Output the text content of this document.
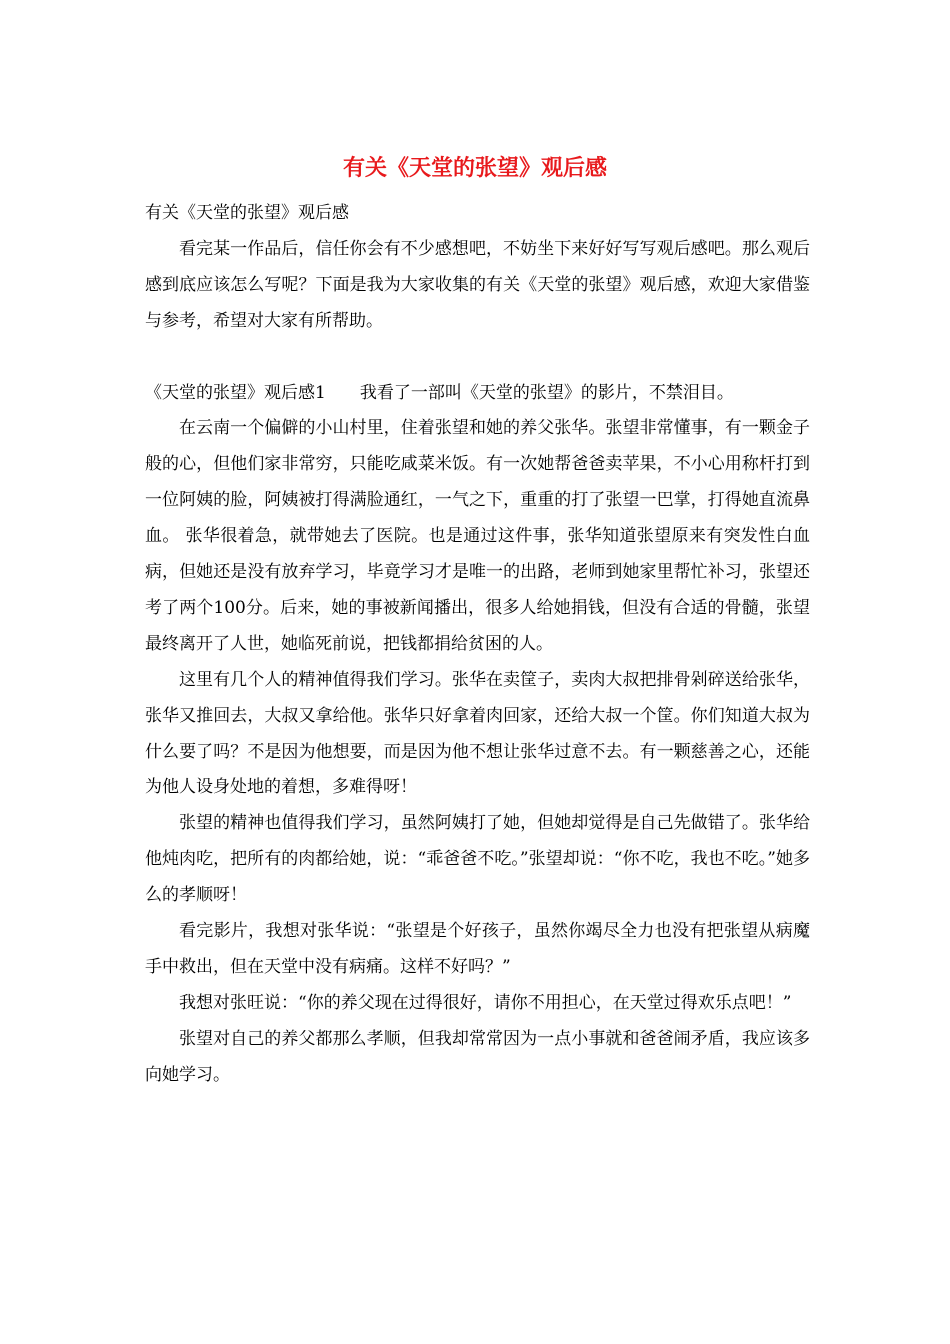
有关《天堂的张望》观后感

有关《天堂的张望》观后感

看完某一作品后，信任你会有不少感想吧，不妨坐下来好好写写观后感吧。那么观后感到底应该怎么写呢？下面是我为大家收集的有关《天堂的张望》观后感，欢迎大家借鉴与参考，希望对大家有所帮助。

《天堂的张望》观后感1　　我看了一部叫《天堂的张望》的影片，不禁泪目。

在云南一个偏僻的小山村里，住着张望和她的养父张华。张望非常懂事，有一颗金子般的心，但他们家非常穷，只能吃咸菜米饭。有一次她帮爸爸卖苹果，不小心用称杆打到一位阿姨的脸，阿姨被打得满脸通红，一气之下，重重的打了张望一巴掌，打得她直流鼻血。 张华很着急，就带她去了医院。也是通过这件事，张华知道张望原来有突发性白血病，但她还是没有放弃学习，毕竟学习才是唯一的出路，老师到她家里帮忙补习，张望还考了两个100分。后来，她的事被新闻播出，很多人给她捐钱，但没有合适的骨髓，张望最终离开了人世，她临死前说，把钱都捐给贫困的人。

这里有几个人的精神值得我们学习。张华在卖筐子，卖肉大叔把排骨剁碎送给张华，张华又推回去，大叔又拿给他。张华只好拿着肉回家，还给大叔一个筐。你们知道大叔为什么要了吗？不是因为他想要，而是因为他不想让张华过意不去。有一颗慈善之心，还能为他人设身处地的着想，多难得呀！

张望的精神也值得我们学习，虽然阿姨打了她，但她却觉得是自己先做错了。张华给他炖肉吃，把所有的肉都给她，说：“乖爸爸不吃。”张望却说：“你不吃，我也不吃。”她多么的孝顺呀！

看完影片，我想对张华说：“张望是个好孩子，虽然你竭尽全力也没有把张望从病魔手中救出，但在天堂中没有病痛。这样不好吗？”

我想对张旺说：“你的养父现在过得很好，请你不用担心，在天堂过得欢乐点吧！”

张望对自己的养父都那么孝顺，但我却常常因为一点小事就和爸爸闹矛盾，我应该多向她学习。
